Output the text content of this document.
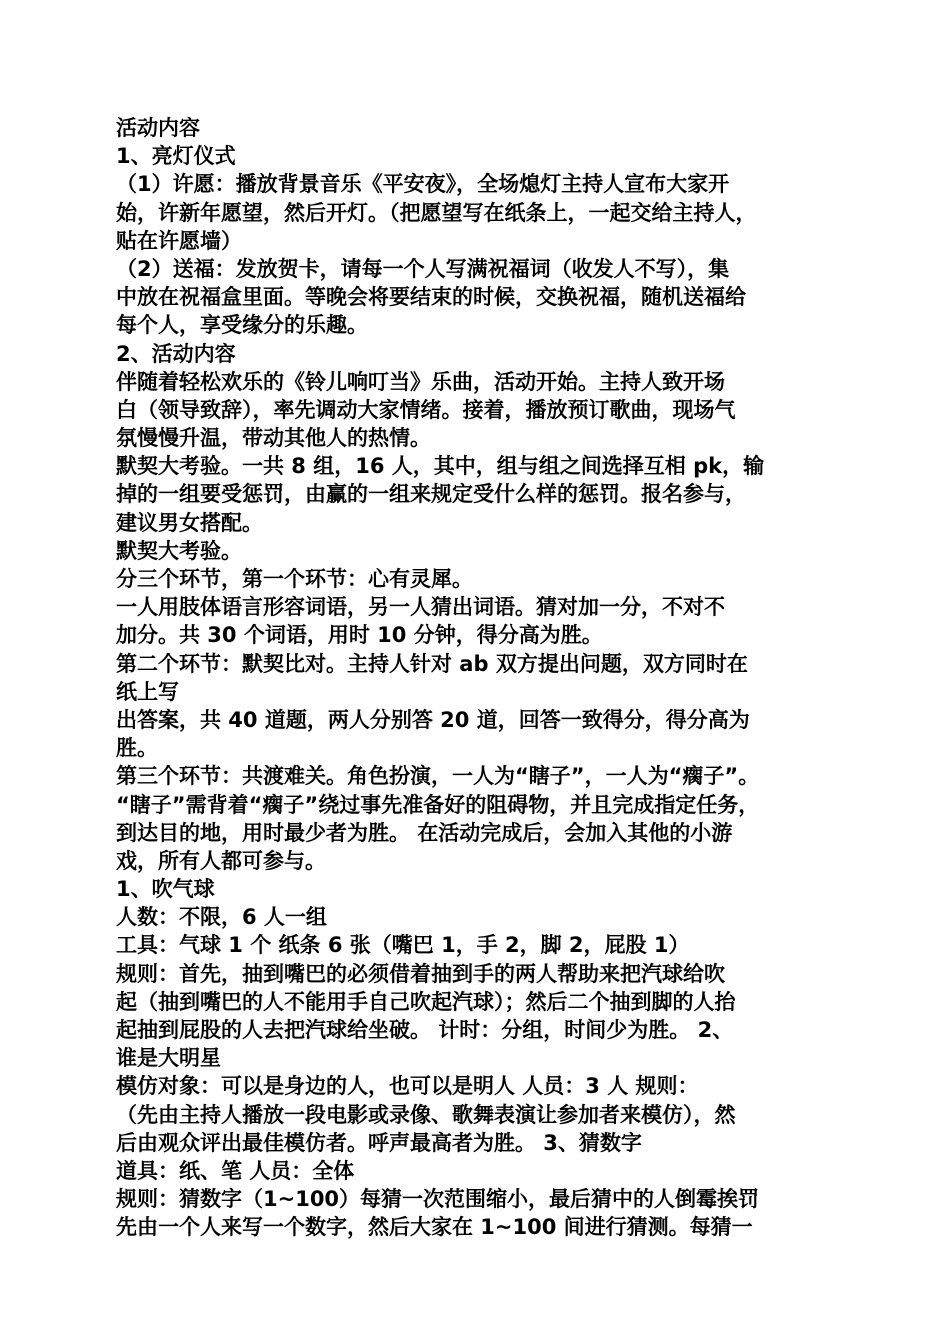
活动内容
1、亮灯仪式
（1）许愿：播放背景音乐《平安夜》，全场熄灯主持人宣布大家开
始，许新年愿望，然后开灯。（把愿望写在纸条上，一起交给主持人，
贴在许愿墙）
（2）送福：发放贺卡，请每一个人写满祝福词（收发人不写），集
中放在祝福盒里面。等晚会将要结束的时候，交换祝福，随机送福给
每个人，享受缘分的乐趣。
2、活动内容
伴随着轻松欢乐的《铃儿响叮当》乐曲，活动开始。主持人致开场
白（领导致辞），率先调动大家情绪。接着，播放预订歌曲，现场气
氛慢慢升温，带动其他人的热情。
默契大考验。一共 8 组，16 人，其中，组与组之间选择互相 pk，输
掉的一组要受惩罚，由赢的一组来规定受什么样的惩罚。报名参与，
建议男女搭配。
默契大考验。
分三个环节，第一个环节：心有灵犀。
一人用肢体语言形容词语，另一人猜出词语。猜对加一分，不对不
加分。共 30 个词语，用时 10 分钟，得分高为胜。
第二个环节：默契比对。主持人针对 ab 双方提出问题，双方同时在
纸上写
出答案，共 40 道题，两人分别答 20 道，回答一致得分，得分高为
胜。
第三个环节：共渡难关。角色扮演，一人为“瞎子”，一人为“瘸子”。
“瞎子”需背着“瘸子”绕过事先准备好的阻碍物，并且完成指定任务，
到达目的地，用时最少者为胜。 在活动完成后，会加入其他的小游
戏，所有人都可参与。
1、吹气球
人数：不限，6 人一组
工具：气球 1 个 纸条 6 张（嘴巴 1，手 2，脚 2，屁股 1）
规则：首先，抽到嘴巴的必须借着抽到手的两人帮助来把汽球给吹
起（抽到嘴巴的人不能用手自己吹起汽球）；然后二个抽到脚的人抬
起抽到屁股的人去把汽球给坐破。 计时：分组，时间少为胜。 2、
谁是大明星
模仿对象：可以是身边的人，也可以是明人 人员：3 人 规则：
（先由主持人播放一段电影或录像、歌舞表演让参加者来模仿），然
后由观众评出最佳模仿者。呼声最高者为胜。 3、猜数字
道具：纸、笔 人员：全体
规则：猜数字（1~100）每猜一次范围缩小，最后猜中的人倒霉挨罚
先由一个人来写一个数字，然后大家在 1~100 间进行猜测。每猜一
